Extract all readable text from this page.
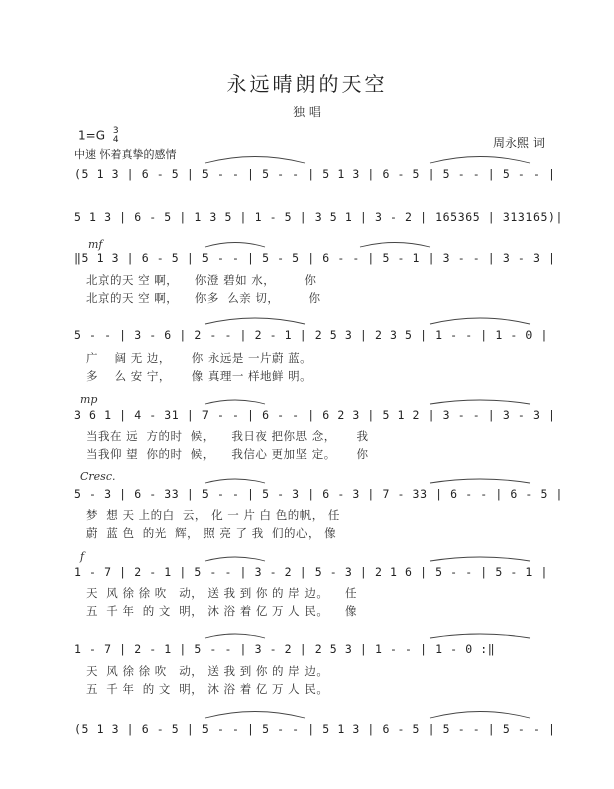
永远晴朗的天空
独 唱
1=G 3
4
中速 怀着真挚的感情
周永熙 词
(5 1 3 | 6 - 5 | 5 - - | 5 - - | 5 1 3 | 6 - 5 | 5 - - | 5 - - |
5 1 3 | 6 - 5 | 1 3 5 | 1 - 5 | 3 5 1 | 3 - 2 | 165365 | 313165)|
mf
‖5 1 3 | 6 - 5 | 5 - - | 5 - 5 | 6 - - | 5 - 1 | 3 - - | 3 - 3 |
北京的天 空 啊，    你澄 碧如 水，       你
北京的天 空 啊，    你多  么亲 切，       你
5 - - | 3 - 6 | 2 - - | 2 - 1 | 2 5 3 | 2 3 5 | 1 - - | 1 - 0 |
广    阔 无 边，     你 永远是 一片蔚 蓝。
多    么 安 宁，     像 真理一 样地鲜 明。
mp
3 6 1 | 4 - 31 | 7 - - | 6 - - | 6 2 3 | 5 1 2 | 3 - - | 3 - 3 |
当我在 远  方的时  候，    我日夜 把你思 念，     我
当我仰 望  你的时  候，    我信心 更加坚 定。     你
Cresc.
5 - 3 | 6 - 33 | 5 - - | 5 - 3 | 6 - 3 | 7 - 33 | 6 - - | 6 - 5 |
梦  想 天 上的白  云， 化 一 片 白 色的帆， 任
蔚  蓝 色  的光  辉， 照 亮 了 我  们的心， 像
f
1 - 7 | 2 - 1 | 5 - - | 3 - 2 | 5 - 3 | 2 1 6 | 5 - - | 5 - 1 |
天  风 徐 徐 吹   动， 送 我 到 你 的 岸 边。    任
五  千 年  的 文  明， 沐 浴 着 亿 万 人 民。    像
1 - 7 | 2 - 1 | 5 - - | 3 - 2 | 2 5 3 | 1 - - | 1 - 0 :‖
天  风 徐 徐 吹   动， 送 我 到 你 的 岸 边。
五  千 年  的 文  明， 沐 浴 着 亿 万 人 民。
(5 1 3 | 6 - 5 | 5 - - | 5 - - | 5 1 3 | 6 - 5 | 5 - - | 5 - - |
